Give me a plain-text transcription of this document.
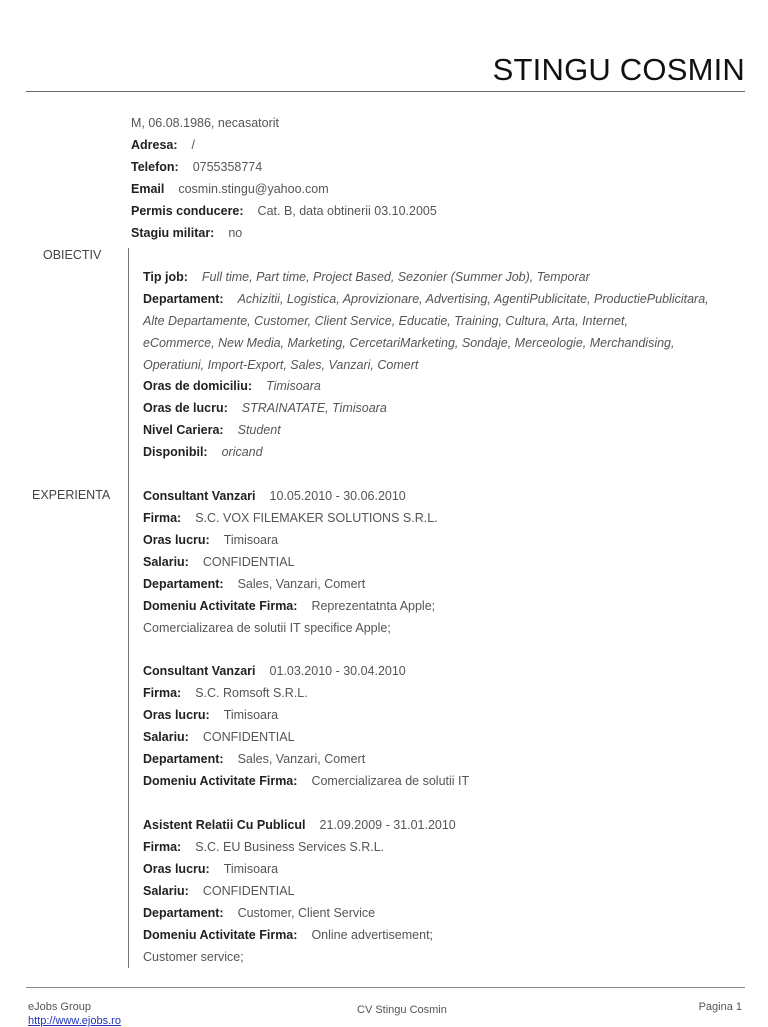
STINGU COSMIN
M, 06.08.1986, necasatorit
Adresa: /
Telefon: 0755358774
Email cosmin.stingu@yahoo.com
Permis conducere: Cat. B, data obtinerii 03.10.2005
Stagiu militar: no
OBIECTIV
EXPERIENTA
Tip job: Full time, Part time, Project Based, Sezonier (Summer Job), Temporar
Departament: Achizitii, Logistica, Aprovizionare, Advertising, AgentiPublicitate, ProductiePublicitara,
Alte Departamente, Customer, Client Service, Educatie, Training, Cultura, Arta, Internet,
eCommerce, New Media, Marketing, CercetariMarketing, Sondaje, Merceologie, Merchandising,
Operatiuni, Import-Export, Sales, Vanzari, Comert
Oras de domiciliu: Timisoara
Oras de lucru: STRAINATATE, Timisoara
Nivel Cariera: Student
Disponibil: oricand
Consultant Vanzari 10.05.2010 - 30.06.2010
Firma: S.C. VOX FILEMAKER SOLUTIONS S.R.L.
Oras lucru: Timisoara
Salariu: CONFIDENTIAL
Departament: Sales, Vanzari, Comert
Domeniu Activitate Firma: Reprezentatnta Apple;
Comercializarea de solutii IT specifice Apple;
Consultant Vanzari 01.03.2010 - 30.04.2010
Firma: S.C. Romsoft S.R.L.
Oras lucru: Timisoara
Salariu: CONFIDENTIAL
Departament: Sales, Vanzari, Comert
Domeniu Activitate Firma: Comercializarea de solutii IT
Asistent Relatii Cu Publicul 21.09.2009 - 31.01.2010
Firma: S.C. EU Business Services S.R.L.
Oras lucru: Timisoara
Salariu: CONFIDENTIAL
Departament: Customer, Client Service
Domeniu Activitate Firma: Online advertisement;
Customer service;
eJobs Group
http://www.ejobs.ro
CV Stingu Cosmin	Pagina 1
